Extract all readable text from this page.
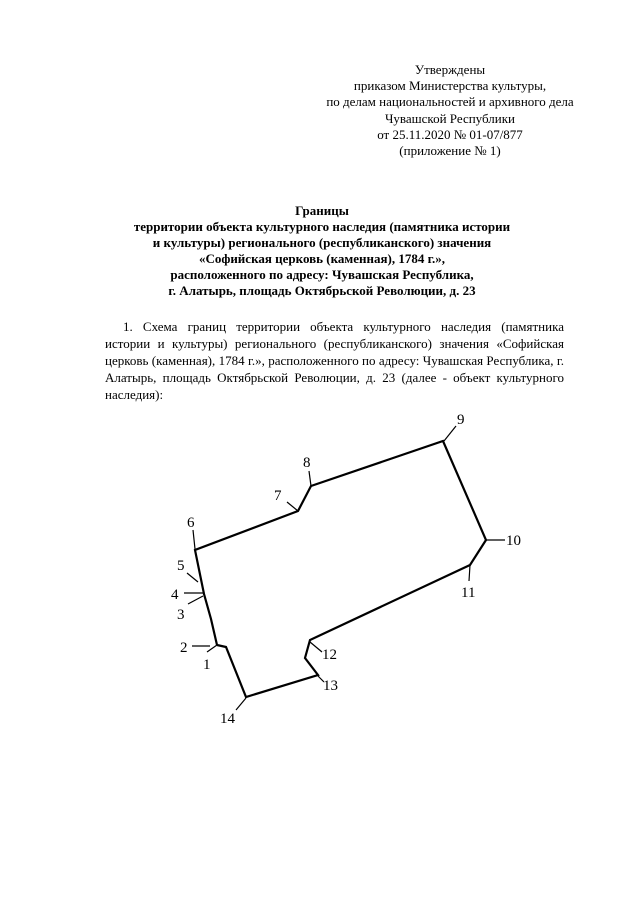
Утверждены
приказом Министерства культуры,
по делам национальностей и архивного дела
Чувашской Республики
от 25.11.2020 № 01-07/877
(приложение № 1)
Границы
территории объекта культурного наследия (памятника истории
и культуры) регионального (республиканского) значения
«Софийская церковь (каменная), 1784 г.»,
расположенного по адресу: Чувашская Республика,
г. Алатырь, площадь Октябрьской Революции, д. 23

1. Схема границ территории объекта культурного наследия (памятника истории и культуры) регионального (республиканского) значения «Софийская церковь (каменная), 1784 г.», расположенного по адресу: Чувашская Республика, г. Алатырь, площадь Октябрьской Революции, д. 23 (далее - объект культурного наследия):

1
2
3
4
5
6
7
8
9
10
11
12
13
14
